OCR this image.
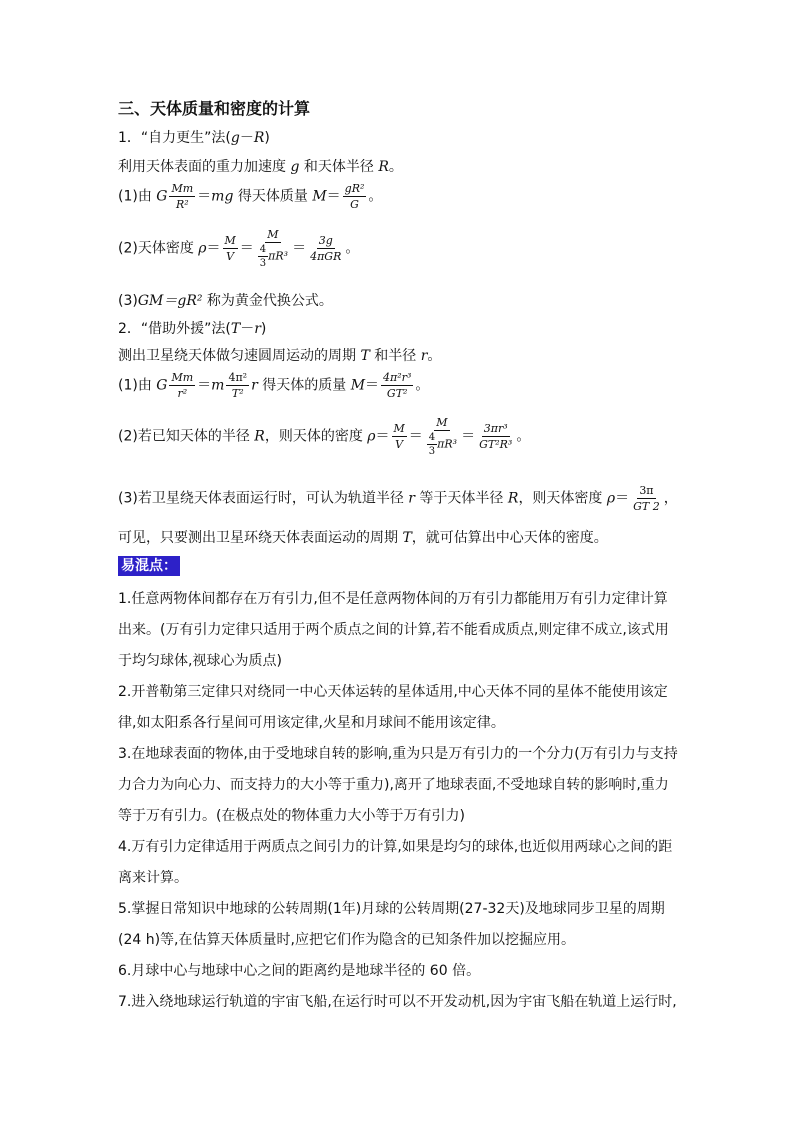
三、天体质量和密度的计算
1．“自力更生”法(g－R)
利用天体表面的重力加速度 g 和天体半径 R。
(1)由 G $\frac{Mm}{\text{R²}} =mg$ 得天体质量 $M= \frac{\text{gR²}}{G}$ 。
(2)天体密度 $\rho= \frac{M}{V} = \frac{M}{\frac{4}{3} \pi R^3} = \frac{3g}{\text{4πGR}}$ 。
(3)GM＝gR² 称为黄金代换公式。
2．“借助外援”法(T－r)
测出卫星绕天体做匀速圆周运动的周期 T 和半径 r。
(1)由 G $\frac{Mm}{\text{r²}} =m \frac{\text{4π²}}{\text{T²}}$ r 得天体的质量 $M= \frac{\text{4π²r³}}{\text{GT²}}$ 。
(2)若已知天体的半径 R，则天体的密度 $\rho= \frac{M}{V} = \frac{M}{\frac{4}{3} \pi R^3} = \frac{\text{3πr³}}{\text{GT²R³}}$ 。
(3)若卫星绕天体表面运行时，可认为轨道半径 r 等于天体半径 R，则天体密度 $\rho= \frac{3\pi}{GT 2}$ ，
可见，只要测出卫星环绕天体表面运动的周期 T，就可估算出中心天体的密度。
易混点：
1.任意两物体间都存在万有引力,但不是任意两物体间的万有引力都能用万有引力定律计算出来。(万有引力定律只适用于两个质点之间的计算,若不能看成质点,则定律不成立,该式用于均匀球体,视球心为质点)
2.开普勒第三定律只对绕同一中心天体运转的星体适用,中心天体不同的星体不能使用该定律,如太阳系各行星间可用该定律,火星和月球间不能用该定律。
3.在地球表面的物体,由于受地球自转的影响,重为只是万有引力的一个分力(万有引力与支持力合力为向心力、而支持力的大小等于重力),离开了地球表面,不受地球自转的影响时,重力等于万有引力。(在极点处的物体重力大小等于万有引力)
4.万有引力定律适用于两质点之间引力的计算,如果是均匀的球体,也近似用两球心之间的距离来计算。
5.掌握日常知识中地球的公转周期(1年)月球的公转周期(27-32天)及地球同步卫星的周期(24 h)等,在估算天体质量时,应把它们作为隐含的已知条件加以挖掘应用。
6.月球中心与地球中心之间的距离约是地球半径的 60 倍。
7.进入绕地球运行轨道的宇宙飞船,在运行时可以不开发动机,因为宇宙飞船在轨道上运行时,
